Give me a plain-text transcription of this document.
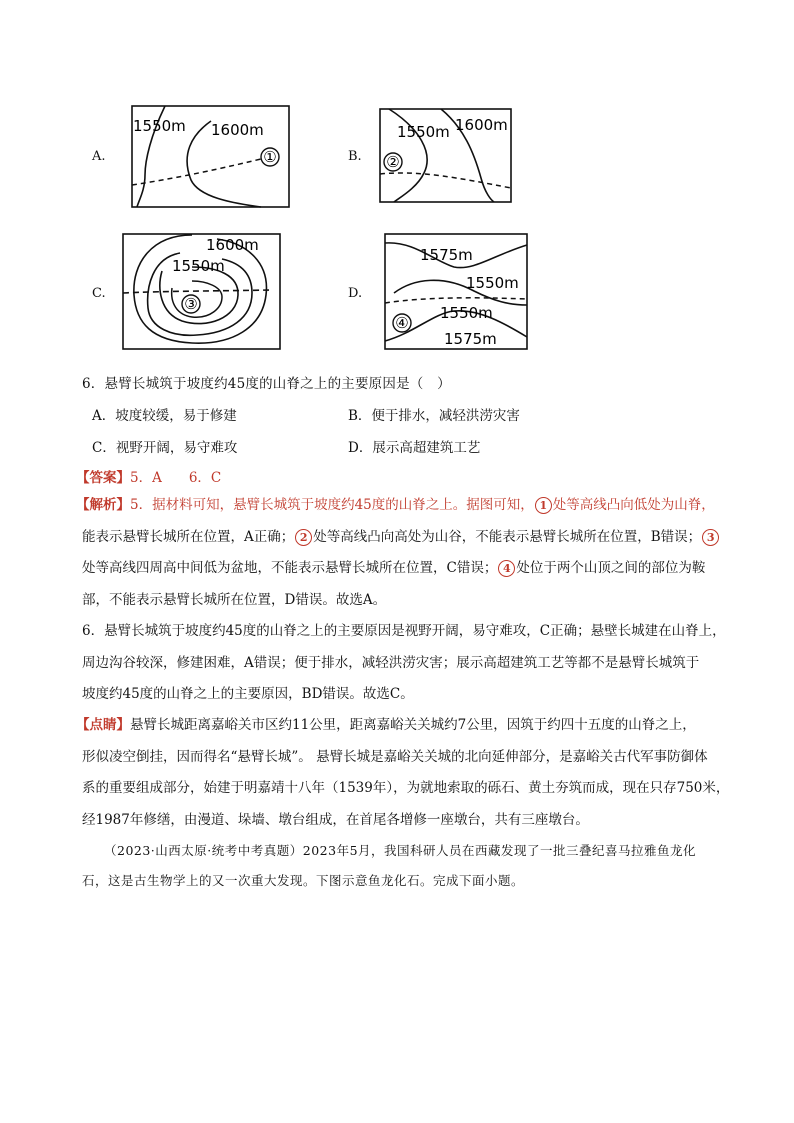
A.	①
1550m 1600m
B. ②
1550m 1600m
C.
③
1600m
1550m
D.
④
1575m
1550m
1550m
1575m
6．悬臂长城筑于坡度约45度的山脊之上的主要原因是（　）
A．坡度较缓，易于修建	B．便于排水，减轻洪涝灾害
C．视野开阔，易守难攻	D．展示高超建筑工艺
【答案】5．A　　6．C
【解析】5．据材料可知，悬臂长城筑于坡度约45度的山脊之上。据图可知， 1 处等高线凸向低处为山脊，
能表示悬臂长城所在位置，A正确； 2 处等高线凸向高处为山谷，不能表示悬臂长城所在位置，B错误； 3
处等高线四周高中间低为盆地，不能表示悬臂长城所在位置，C错误； 4 处位于两个山顶之间的部位为鞍
部，不能表示悬臂长城所在位置，D错误。故选A。
6．悬臂长城筑于坡度约45度的山脊之上的主要原因是视野开阔，易守难攻，C正确；悬壁长城建在山脊上，
周边沟谷较深，修建困难，A错误；便于排水，减轻洪涝灾害；展示高超建筑工艺等都不是悬臂长城筑于
坡度约45度的山脊之上的主要原因，BD错误。故选C。
【点睛】悬臂长城距离嘉峪关市区约11公里，距离嘉峪关关城约7公里，因筑于约四十五度的山脊之上，
形似凌空倒挂，因而得名“悬臂长城”。 悬臂长城是嘉峪关关城的北向延伸部分，是嘉峪关古代军事防御体
系的重要组成部分，始建于明嘉靖十八年（1539年），为就地索取的砾石、黄土夯筑而成，现在只存750米，
经1987年修缮，由漫道、垛墙、墩台组成，在首尾各增修一座墩台，共有三座墩台。
（2023·山西太原·统考中考真题）2023年5月，我国科研人员在西藏发现了一批三叠纪喜马拉雅鱼龙化
石，这是古生物学上的又一次重大发现。下图示意鱼龙化石。完成下面小题。
